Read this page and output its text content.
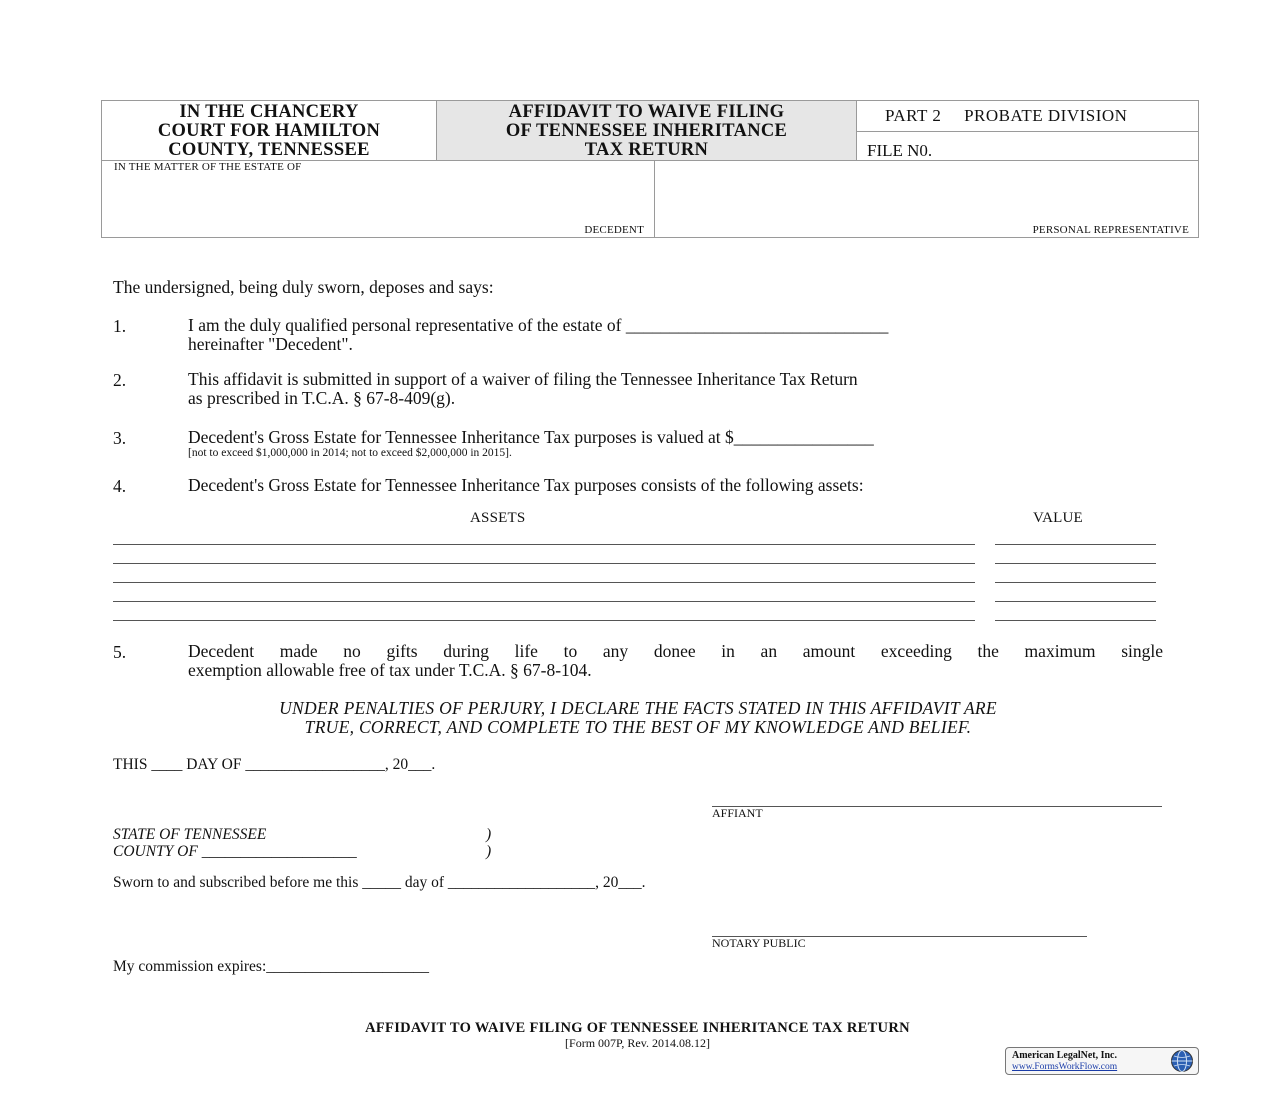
IN THE CHANCERY
COURT FOR HAMILTON
COUNTY, TENNESSEE
AFFIDAVIT TO WAIVE FILING
OF TENNESSEE INHERITANCE
TAX RETURN
PART 2 PROBATE DIVISION
FILE N0.
IN THE MATTER OF THE ESTATE OF
DECEDENT	PERSONAL REPRESENTATIVE
The undersigned, being duly sworn, deposes and says:
1.	I am the duly qualified personal representative of the estate of ______________________________
hereinafter "Decedent".
2.	This affidavit is submitted in support of a waiver of filing the Tennessee Inheritance Tax Return
as prescribed in T.C.A. § 67-8-409(g).
3.	Decedent's Gross Estate for Tennessee Inheritance Tax purposes is valued at $________________
[not to exceed $1,000,000 in 2014; not to exceed $2,000,000 in 2015].
4.	Decedent's Gross Estate for Tennessee Inheritance Tax purposes consists of the following assets:
ASSETS	VALUE
5.	Decedent made no gifts during life to any donee in an amount exceeding the maximum single
exemption allowable free of tax under T.C.A. § 67-8-104.
UNDER PENALTIES OF PERJURY, I DECLARE THE FACTS STATED IN THIS AFFIDAVIT ARE
TRUE, CORRECT, AND COMPLETE TO THE BEST OF MY KNOWLEDGE AND BELIEF.
THIS ____ DAY OF __________________, 20___.
AFFIANT
STATE OF TENNESSEE	)
COUNTY OF ____________________	)
Sworn to and subscribed before me this _____ day of ___________________, 20___.
NOTARY PUBLIC
My commission expires:_____________________
AFFIDAVIT TO WAIVE FILING OF TENNESSEE INHERITANCE TAX RETURN
[Form 007P, Rev. 2014.08.12]
American LegalNet, Inc.
www.FormsWorkFlow.com
